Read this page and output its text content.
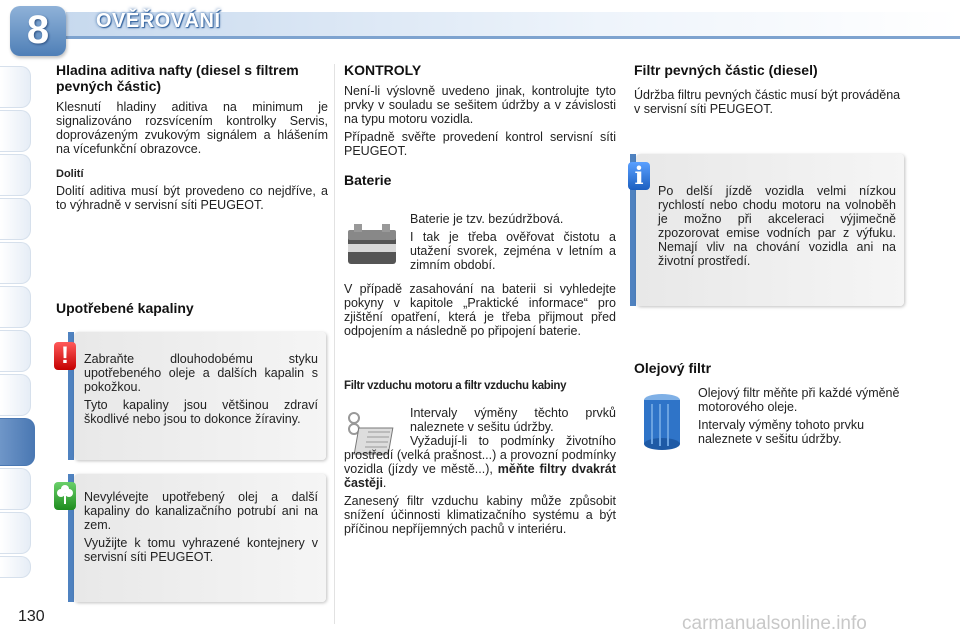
8	OVĚŘOVÁNÍ
Hladina aditiva nafty (diesel s filtrem pevných částic)

Klesnutí hladiny aditiva na minimum je signalizováno rozsvícením kontrolky Servis, doprovázeným zvukovým signálem a hlášením na vícefunkční obrazovce.

Dolití

Dolití aditiva musí být provedeno co nejdříve, a to výhradně v servisní síti PEUGEOT.

Upotřebené kapaliny

Zabraňte dlouhodobému styku upotřebeného oleje a dalších kapalin s pokožkou.

Tyto kapaliny jsou většinou zdraví škodlivé nebo jsou to dokonce žíraviny.

!

Nevylévejte upotřebený olej a další kapaliny do kanalizačního potrubí ani na zem.

Využijte k tomu vyhrazené kontejnery v servisní síti PEUGEOT.

KONTROLY

Není-li výslovně uvedeno jinak, kontrolujte tyto prvky v souladu se sešitem údržby a v závislosti na typu motoru vozidla.

Případně svěřte provedení kontrol servisní síti PEUGEOT.

Baterie

Baterie je tzv. bezúdržbová.

I tak je třeba ověřovat čistotu a utažení svorek, zejména v letním a zimním období.

V případě zasahování na baterii si vyhledejte pokyny v kapitole „Praktické informace“ pro zjištění opatření, která je třeba přijmout před odpojením a následně po připojení baterie.

Filtr vzduchu motoru a filtr vzduchu kabiny

Intervaly výměny těchto prvků naleznete v sešitu údržby.

Vyžadují-li to podmínky životního prostředí (velká prašnost...) a provozní podmínky vozidla (jízdy ve městě...), měňte filtry dvakrát častěji.

Zanesený filtr vzduchu kabiny může způsobit snížení účinnosti klimatizačního systému a být příčinou nepříjemných pachů v interiéru.

Filtr pevných částic (diesel)

Údržba filtru pevných částic musí být prováděna v servisní síti PEUGEOT.

Po delší jízdě vozidla velmi nízkou rychlostí nebo chodu motoru na volnoběh je možno při akceleraci výjimečně zpozorovat emise vodních par z výfuku. Nemají vliv na chování vozidla ani na životní prostředí.

i
Olejový filtr

Olejový filtr měňte při každé výměně motorového oleje.

Intervaly výměny tohoto prvku naleznete v sešitu údržby.

130	carmanualsonline.info
